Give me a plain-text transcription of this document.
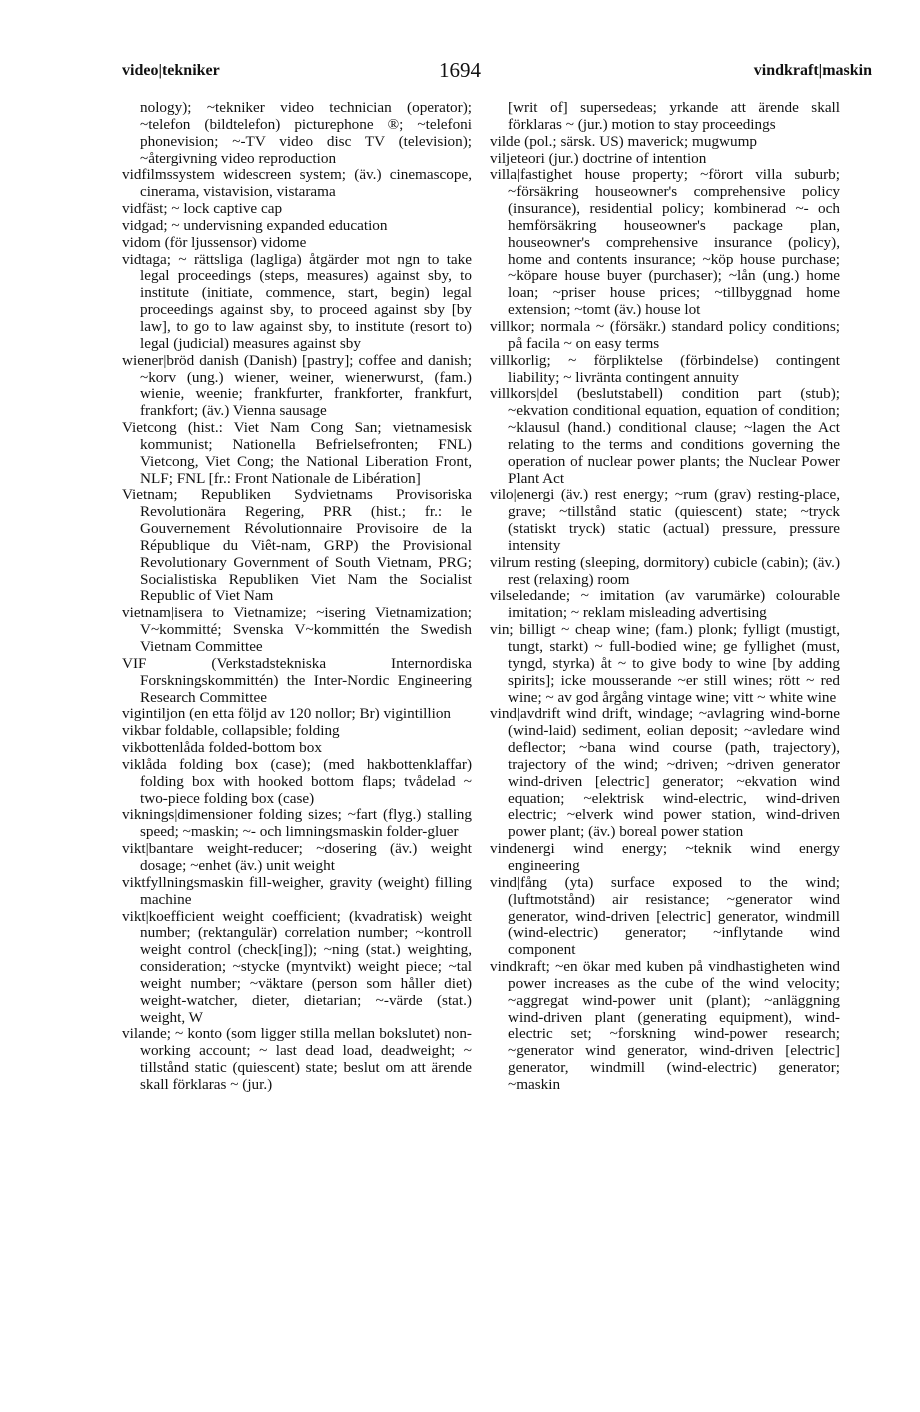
video|tekniker	1694	vindkraft|maskin
nology); ~tekniker video technician (operator); ~telefon (bildtelefon) picturephone ®; ~telefoni phonevision; ~-TV video disc TV (television); ~återgivning video reproduction
vidfilmssystem widescreen system; (äv.) cinemascope, cinerama, vistavision, vistarama
vidfäst; ~ lock captive cap
vidgad; ~ undervisning expanded education
vidom (för ljussensor) vidome
vidtaga; ~ rättsliga (lagliga) åtgärder mot ngn to take legal proceedings (steps, measures) against sby, to institute (initiate, commence, start, begin) legal proceedings against sby, to proceed against sby [by law], to go to law against sby, to institute (resort to) legal (judicial) measures against sby
wiener|bröd danish (Danish) [pastry]; coffee and danish; ~korv (ung.) wiener, weiner, wienerwurst, (fam.) wienie, weenie; frankfurter, frankforter, frankfurt, frankfort; (äv.) Vienna sausage
Vietcong (hist.: Viet Nam Cong San; vietnamesisk kommunist; Nationella Befrielsefronten; FNL) Vietcong, Viet Cong; the National Liberation Front, NLF; FNL [fr.: Front Nationale de Libération]
Vietnam; Republiken Sydvietnams Provisoriska Revolutionära Regering, PRR (hist.; fr.: le Gouvernement Révolutionnaire Provisoire de la République du Viêt-nam, GRP) the Provisional Revolutionary Government of South Vietnam, PRG; Socialistiska Republiken Viet Nam the Socialist Republic of Viet Nam
vietnam|isera to Vietnamize; ~isering Vietnamization; V~kommitté; Svenska V~kommittén the Swedish Vietnam Committee
VIF (Verkstadstekniska Internordiska Forskningskommittén) the Inter-Nordic Engineering Research Committee
vigintiljon (en etta följd av 120 nollor; Br) vigintillion
vikbar foldable, collapsible; folding
vikbottenlåda folded-bottom box
viklåda folding box (case); (med hakbottenklaffar) folding box with hooked bottom flaps; tvådelad ~ two-piece folding box (case)
viknings|dimensioner folding sizes; ~fart (flyg.) stalling speed; ~maskin; ~- och limningsmaskin folder-gluer
vikt|bantare weight-reducer; ~dosering (äv.) weight dosage; ~enhet (äv.) unit weight
viktfyllningsmaskin fill-weigher, gravity (weight) filling machine
vikt|koefficient weight coefficient; (kvadratisk) weight number; (rektangulär) correlation number; ~kontroll weight control (check[ing]); ~ning (stat.) weighting, consideration; ~stycke (myntvikt) weight piece; ~tal weight number; ~väktare (person som håller diet) weight-watcher, dieter, dietarian; ~-värde (stat.) weight, W
vilande; ~ konto (som ligger stilla mellan bokslutet) non-working account; ~ last dead load, deadweight; ~ tillstånd static (quiescent) state; beslut om att ärende skall förklaras ~ (jur.)
[writ of] supersedeas; yrkande att ärende skall förklaras ~ (jur.) motion to stay proceedings
vilde (pol.; särsk. US) maverick; mugwump
viljeteori (jur.) doctrine of intention
villa|fastighet house property; ~förort villa suburb; ~försäkring houseowner's comprehensive policy (insurance), residential policy; kombinerad ~- och hemförsäkring houseowner's package plan, houseowner's comprehensive insurance (policy), home and contents insurance; ~köp house purchase; ~köpare house buyer (purchaser); ~lån (ung.) home loan; ~priser house prices; ~tillbyggnad home extension; ~tomt (äv.) house lot
villkor; normala ~ (försäkr.) standard policy conditions; på facila ~ on easy terms
villkorlig; ~ förpliktelse (förbindelse) contingent liability; ~ livränta contingent annuity
villkors|del (beslutstabell) condition part (stub); ~ekvation conditional equation, equation of condition; ~klausul (hand.) conditional clause; ~lagen the Act relating to the terms and conditions governing the operation of nuclear power plants; the Nuclear Power Plant Act
vilo|energi (äv.) rest energy; ~rum (grav) resting-place, grave; ~tillstånd static (quiescent) state; ~tryck (statiskt tryck) static (actual) pressure, pressure intensity
vilrum resting (sleeping, dormitory) cubicle (cabin); (äv.) rest (relaxing) room
vilseledande; ~ imitation (av varumärke) colourable imitation; ~ reklam misleading advertising
vin; billigt ~ cheap wine; (fam.) plonk; fylligt (mustigt, tungt, starkt) ~ full-bodied wine; ge fyllighet (must, tyngd, styrka) åt ~ to give body to wine [by adding spirits]; icke mousserande ~er still wines; rött ~ red wine; ~ av god årgång vintage wine; vitt ~ white wine
vind|avdrift wind drift, windage; ~avlagring wind-borne (wind-laid) sediment, eolian deposit; ~avledare wind deflector; ~bana wind course (path, trajectory), trajectory of the wind; ~driven; ~driven generator wind-driven [electric] generator; ~ekvation wind equation; ~elektrisk wind-electric, wind-driven electric; ~elverk wind power station, wind-driven power plant; (äv.) boreal power station
vindenergi wind energy; ~teknik wind energy engineering
vind|fång (yta) surface exposed to the wind; (luftmotstånd) air resistance; ~generator wind generator, wind-driven [electric] generator, windmill (wind-electric) generator; ~inflytande wind component
vindkraft; ~en ökar med kuben på vindhastigheten wind power increases as the cube of the wind velocity; ~aggregat wind-power unit (plant); ~anläggning wind-driven plant (generating equipment), wind-electric set; ~forskning wind-power research; ~generator wind generator, wind-driven [electric] generator, windmill (wind-electric) generator; ~maskin
